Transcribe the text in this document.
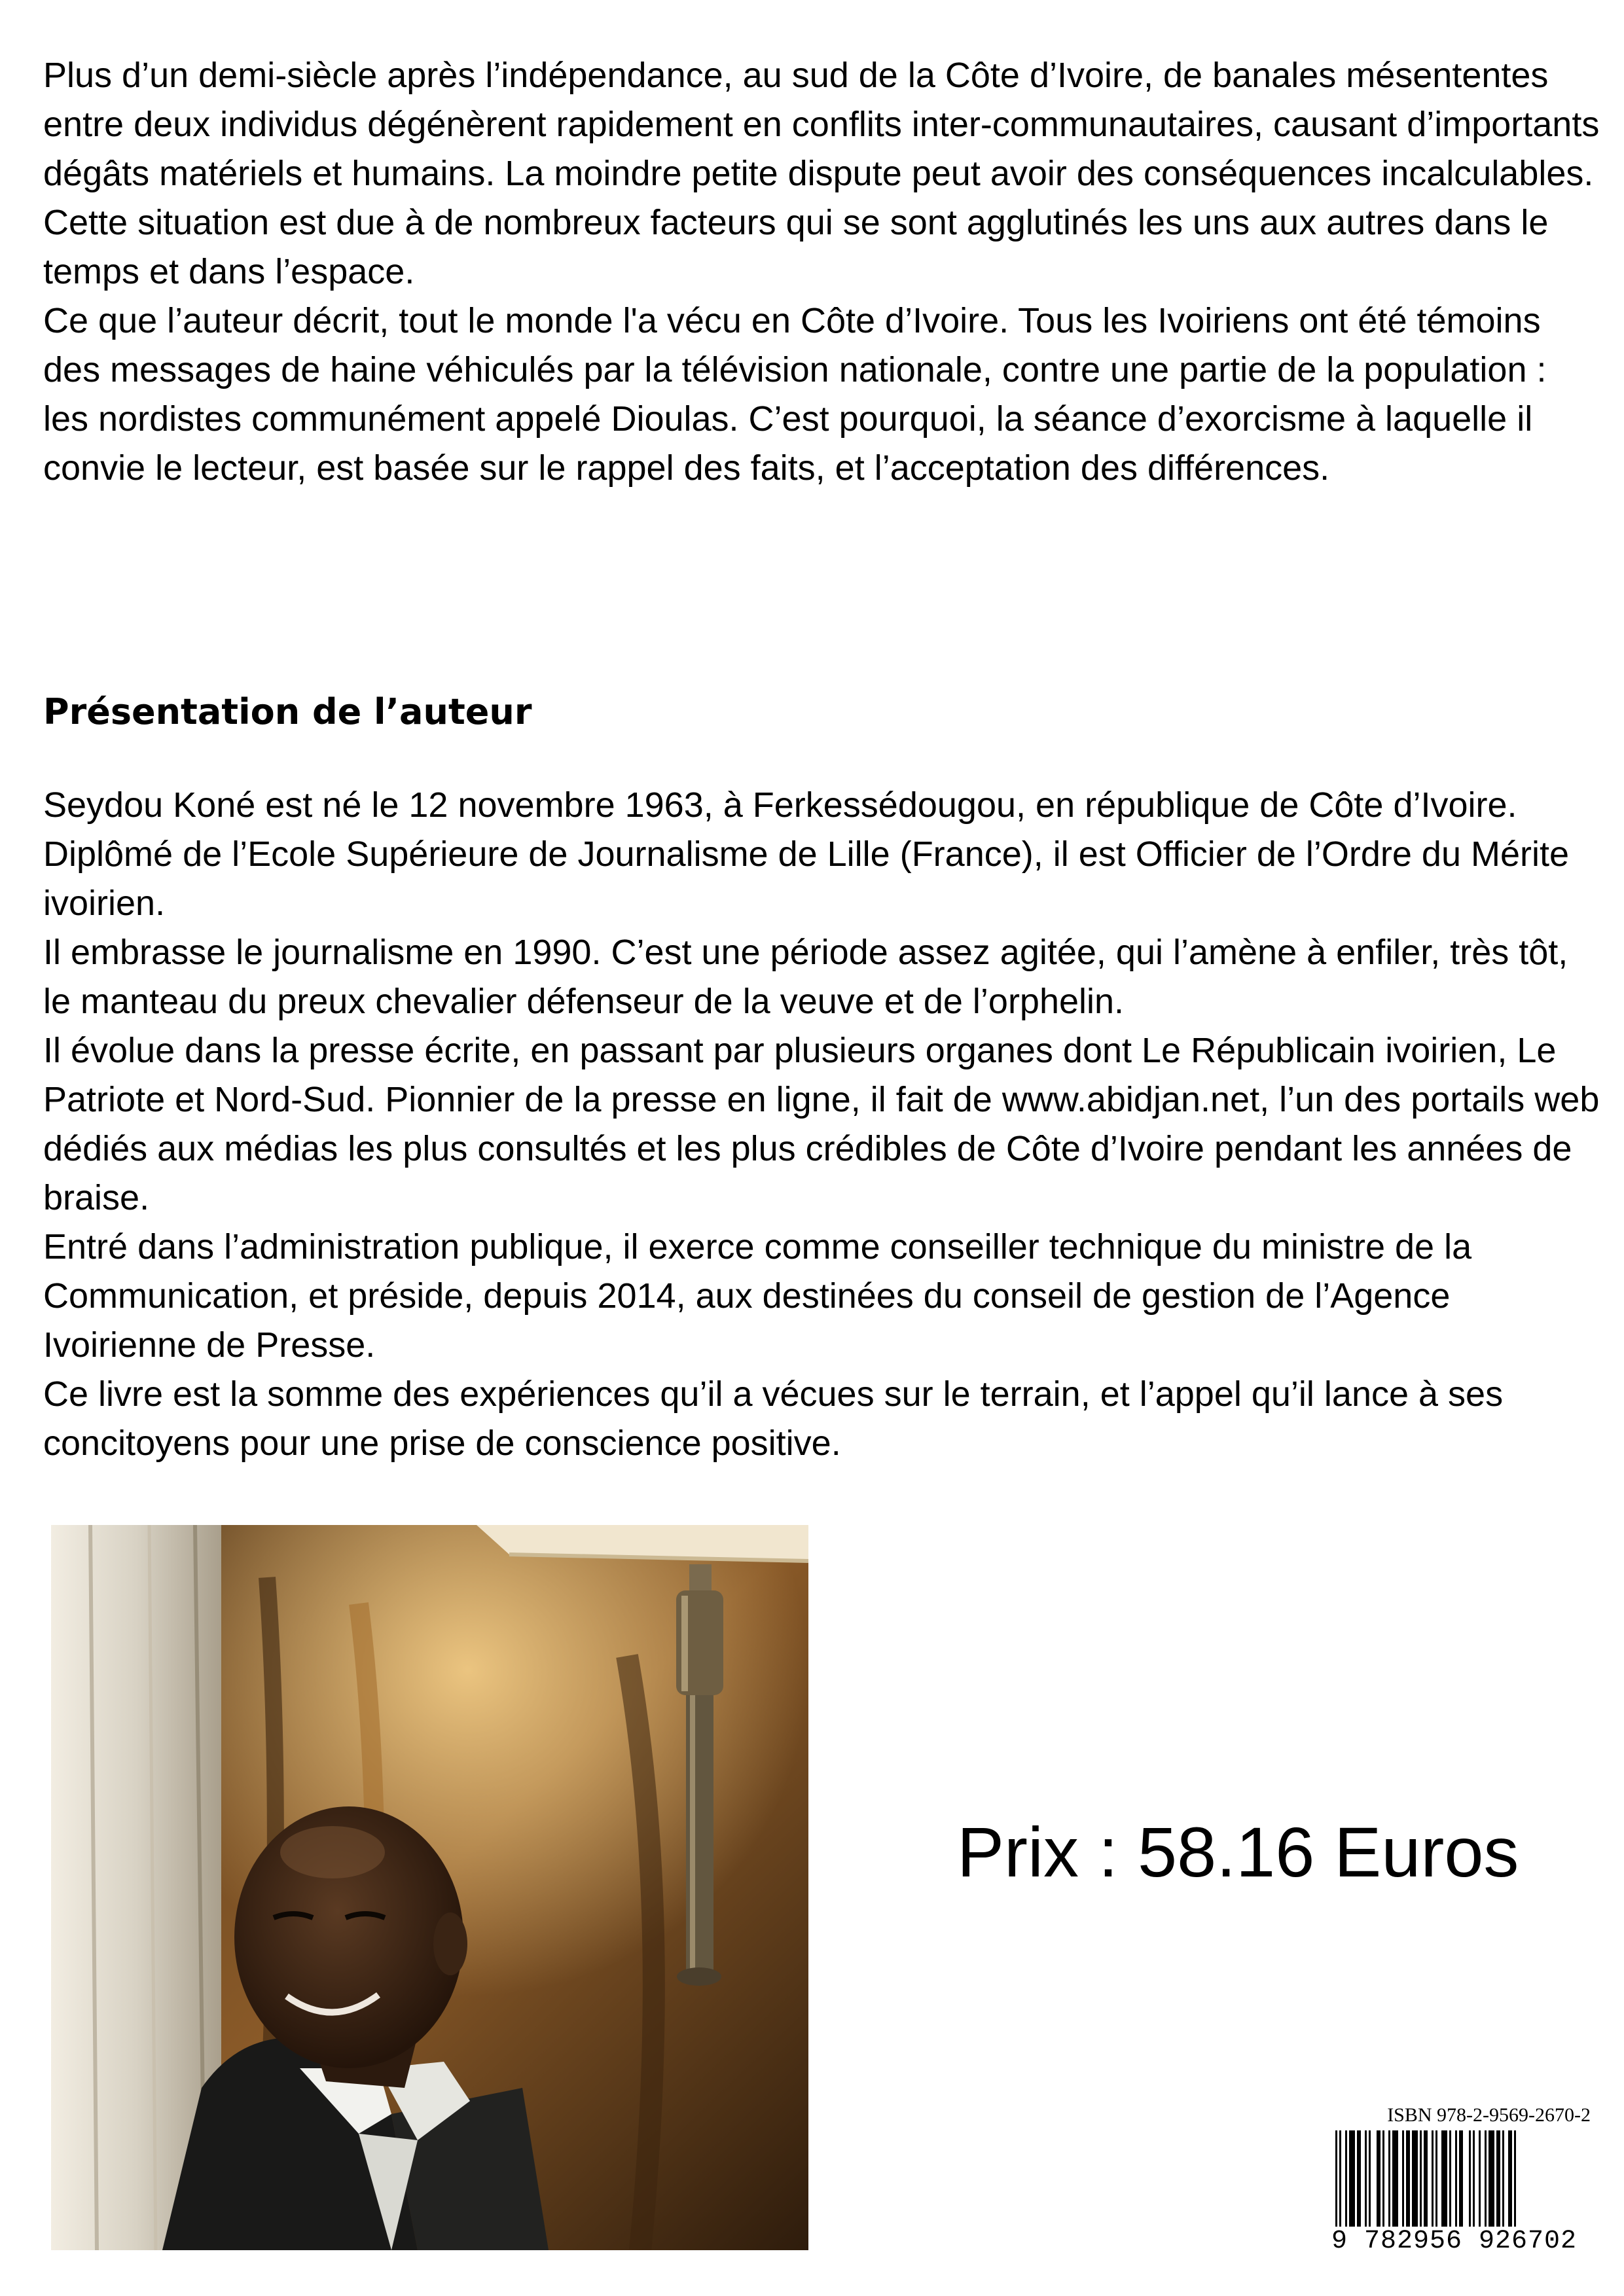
Plus d’un demi-siècle après l’indépendance, au sud de la Côte d’Ivoire, de banales mésententes entre deux individus dégénèrent rapidement en conflits inter-communautaires, causant d’importants dégâts matériels et humains. La moindre petite dispute peut avoir des conséquences incalculables.

Cette situation est due à de nombreux facteurs qui se sont agglutinés les uns aux autres dans le temps et dans l’espace.

Ce que l’auteur décrit, tout le monde l'a vécu en Côte d’Ivoire. Tous les Ivoiriens ont été témoins des messages de haine véhiculés par la télévision nationale, contre une partie de la population : les nordistes communément appelé Dioulas. C’est pourquoi, la séance d’exorcisme à laquelle il convie le lecteur, est basée sur le rappel des faits, et l’acceptation des différences.

Présentation de l’auteur

Seydou Koné est né le 12 novembre 1963, à Ferkessédougou, en république de Côte d’Ivoire. Diplômé de l’Ecole Supérieure de Journalisme de Lille (France), il est Officier de l’Ordre du Mérite ivoirien.

Il embrasse le journalisme en 1990. C’est une période assez agitée, qui l’amène à enfiler, très tôt, le manteau du preux chevalier défenseur de la veuve et de l’orphelin.

Il évolue dans la presse écrite, en passant par plusieurs organes dont Le Républicain ivoirien, Le Patriote et Nord-Sud. Pionnier de la presse en ligne, il fait de www.abidjan.net, l’un des portails web dédiés aux médias les plus consultés et les plus crédibles de Côte d’Ivoire pendant les années de braise.

Entré dans l’administration publique, il exerce comme conseiller technique du ministre de la Communication, et préside, depuis 2014, aux destinées du conseil de gestion de l’Agence Ivoirienne de Presse.

Ce livre est la somme des expériences qu’il a vécues sur le terrain, et l’appel qu’il lance à ses concitoyens pour une prise de conscience positive.

Prix : 58.16 Euros
ISBN 978-2-9569-2670-2
9 782956 926702
